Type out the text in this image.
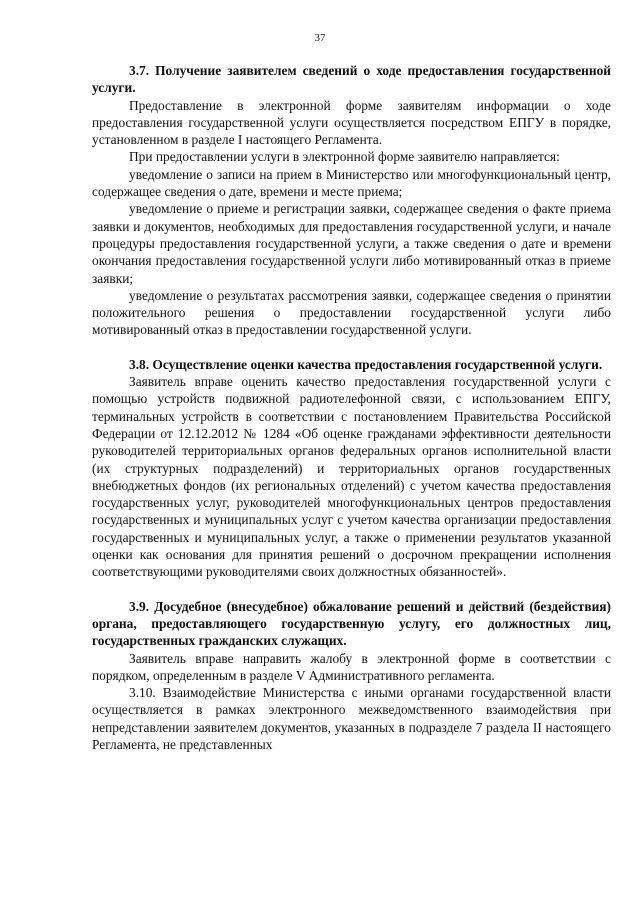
37

3.7. Получение заявителем сведений о ходе предоставления государственной услуги.

Предоставление в электронной форме заявителям информации о ходе предоставления государственной услуги осуществляется посредством ЕПГУ в порядке, установленном в разделе I настоящего Регламента.

При предоставлении услуги в электронной форме заявителю направляется:

уведомление о записи на прием в Министерство или многофункциональный центр, содержащее сведения о дате, времени и месте приема;

уведомление о приеме и регистрации заявки, содержащее сведения о факте приема заявки и документов, необходимых для предоставления государственной услуги, и начале процедуры предоставления государственной услуги, а также сведения о дате и времени окончания предоставления государственной услуги либо мотивированный отказ в приеме заявки;

уведомление о результатах рассмотрения заявки, содержащее сведения о принятии положительного решения о предоставлении государственной услуги либо мотивированный отказ в предоставлении государственной услуги.

3.8. Осуществление оценки качества предоставления государственной услуги.

Заявитель вправе оценить качество предоставления государственной услуги с помощью устройств подвижной радиотелефонной связи, с использованием ЕПГУ, терминальных устройств в соответствии с постановлением Правительства Российской Федерации от 12.12.2012 № 1284 «Об оценке гражданами эффективности деятельности руководителей территориальных органов федеральных органов исполнительной власти (их структурных подразделений) и территориальных органов государственных внебюджетных фондов (их региональных отделений) с учетом качества предоставления государственных услуг, руководителей многофункциональных центров предоставления государственных и муниципальных услуг с учетом качества организации предоставления государственных и муниципальных услуг, а также о применении результатов указанной оценки как основания для принятия решений о досрочном прекращении исполнения соответствующими руководителями своих должностных обязанностей».

3.9. Досудебное (внесудебное) обжалование решений и действий (бездействия) органа, предоставляющего государственную услугу, его должностных лиц, государственных гражданских служащих.

Заявитель вправе направить жалобу в электронной форме в соответствии с порядком, определенным в разделе V Административного регламента.

3.10. Взаимодействие Министерства с иными органами государственной власти осуществляется в рамках электронного межведомственного взаимодействия при непредставлении заявителем документов, указанных в подразделе 7 раздела II настоящего Регламента, не представленных
